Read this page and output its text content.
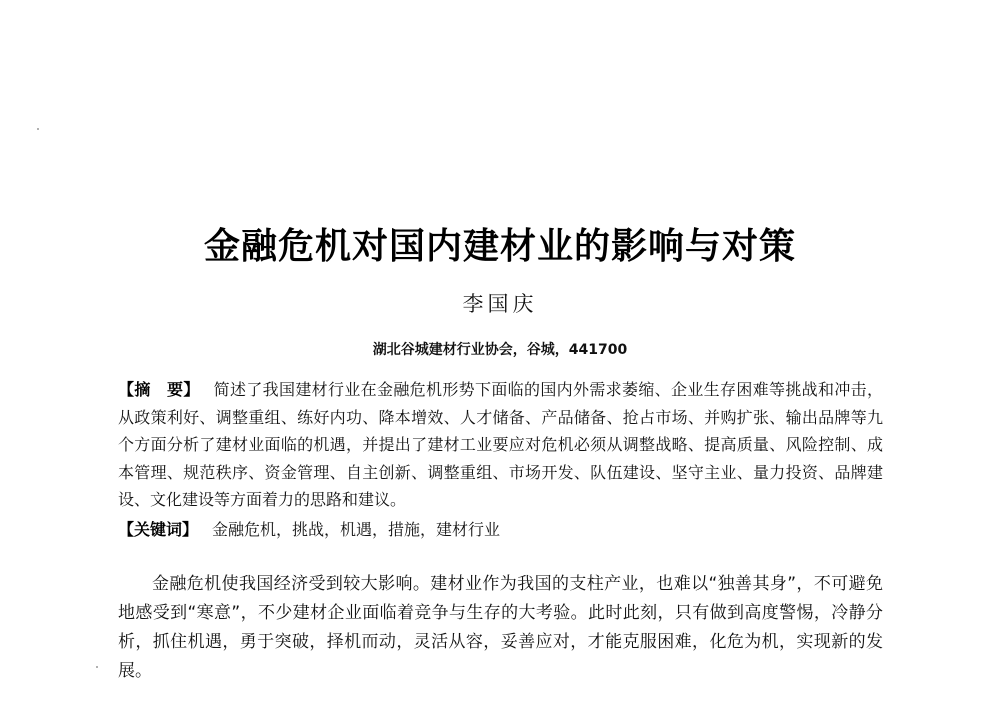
金融危机对国内建材业的影响与对策
李国庆
湖北谷城建材行业协会，谷城，441700
【摘　要】 简述了我国建材行业在金融危机形势下面临的国内外需求萎缩、企业生存困难等挑战和冲击，从政策利好、调整重组、练好内功、降本增效、人才储备、产品储备、抢占市场、并购扩张、输出品牌等九个方面分析了建材业面临的机遇，并提出了建材工业要应对危机必须从调整战略、提高质量、风险控制、成本管理、规范秩序、资金管理、自主创新、调整重组、市场开发、队伍建设、坚守主业、量力投资、品牌建设、文化建设等方面着力的思路和建议。
【关键词】 金融危机，挑战，机遇，措施，建材行业
金融危机使我国经济受到较大影响。建材业作为我国的支柱产业，也难以“独善其身”，不可避免地感受到“寒意”，不少建材企业面临着竞争与生存的大考验。此时此刻，只有做到高度警惕，冷静分析，抓住机遇，勇于突破，择机而动，灵活从容，妥善应对，才能克服困难，化危为机，实现新的发展。
